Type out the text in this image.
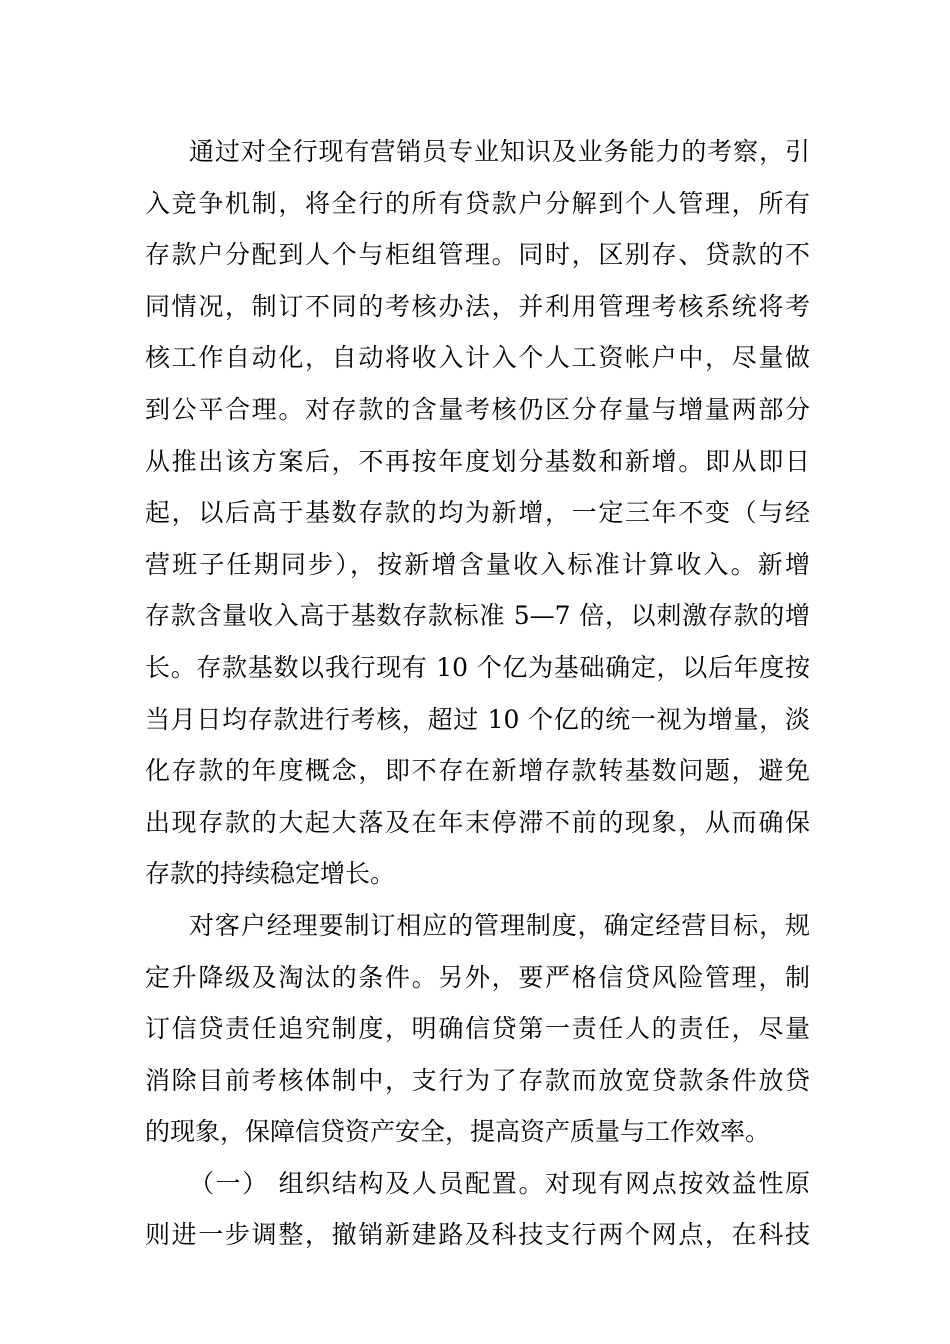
通过对全行现有营销员专业知识及业务能力的考察，引
入竞争机制，将全行的所有贷款户分解到个人管理，所有
存款户分配到人个与柜组管理。同时，区别存、贷款的不
同情况，制订不同的考核办法，并利用管理考核系统将考
核工作自动化，自动将收入计入个人工资帐户中，尽量做
到公平合理。对存款的含量考核仍区分存量与增量两部分
从推出该方案后，不再按年度划分基数和新增。即从即日
起，以后高于基数存款的均为新增，一定三年不变（与经
营班子任期同步），按新增含量收入标准计算收入。新增
存款含量收入高于基数存款标准 5—7 倍，以刺激存款的增
长。存款基数以我行现有 10 个亿为基础确定，以后年度按
当月日均存款进行考核，超过 10 个亿的统一视为增量，淡
化存款的年度概念，即不存在新增存款转基数问题，避免
出现存款的大起大落及在年末停滞不前的现象，从而确保
存款的持续稳定增长。
对客户经理要制订相应的管理制度，确定经营目标，规
定升降级及淘汰的条件。另外，要严格信贷风险管理，制
订信贷责任追究制度，明确信贷第一责任人的责任，尽量
消除目前考核体制中，支行为了存款而放宽贷款条件放贷
的现象，保障信贷资产安全，提高资产质量与工作效率。
（一） 组织结构及人员配置。对现有网点按效益性原
则进一步调整，撤销新建路及科技支行两个网点，在科技
